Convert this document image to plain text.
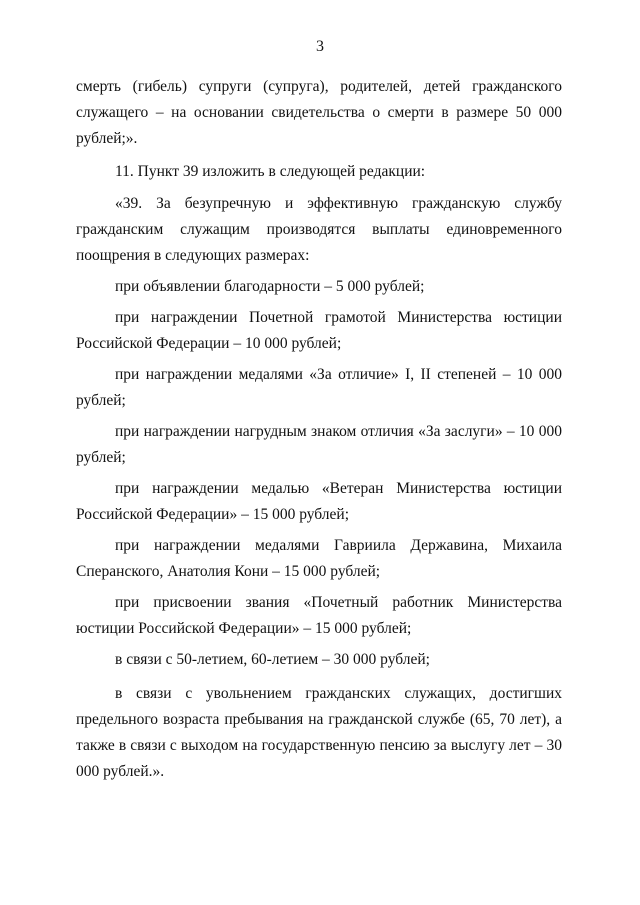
3

смерть (гибель) супруги (супруга), родителей, детей гражданского служащего – на основании свидетельства о смерти в размере 50 000 рублей;».

11. Пункт 39 изложить в следующей редакции:

«39. За безупречную и эффективную гражданскую службу гражданским служащим производятся выплаты единовременного поощрения в следующих размерах:

при объявлении благодарности – 5 000 рублей;

при награждении Почетной грамотой Министерства юстиции Российской Федерации – 10 000 рублей;

при награждении медалями «За отличие» I, II степеней – 10 000 рублей;

при награждении нагрудным знаком отличия «За заслуги» – 10 000 рублей;

при награждении медалью «Ветеран Министерства юстиции Российской Федерации» – 15 000 рублей;

при награждении медалями Гавриила Державина, Михаила Сперанского, Анатолия Кони – 15 000 рублей;

при присвоении звания «Почетный работник Министерства юстиции Российской Федерации» – 15 000 рублей;

в связи с 50-летием, 60-летием – 30 000 рублей;

в связи с увольнением гражданских служащих, достигших предельного возраста пребывания на гражданской службе (65, 70 лет), а также в связи с выходом на государственную пенсию за выслугу лет – 30 000 рублей.».
